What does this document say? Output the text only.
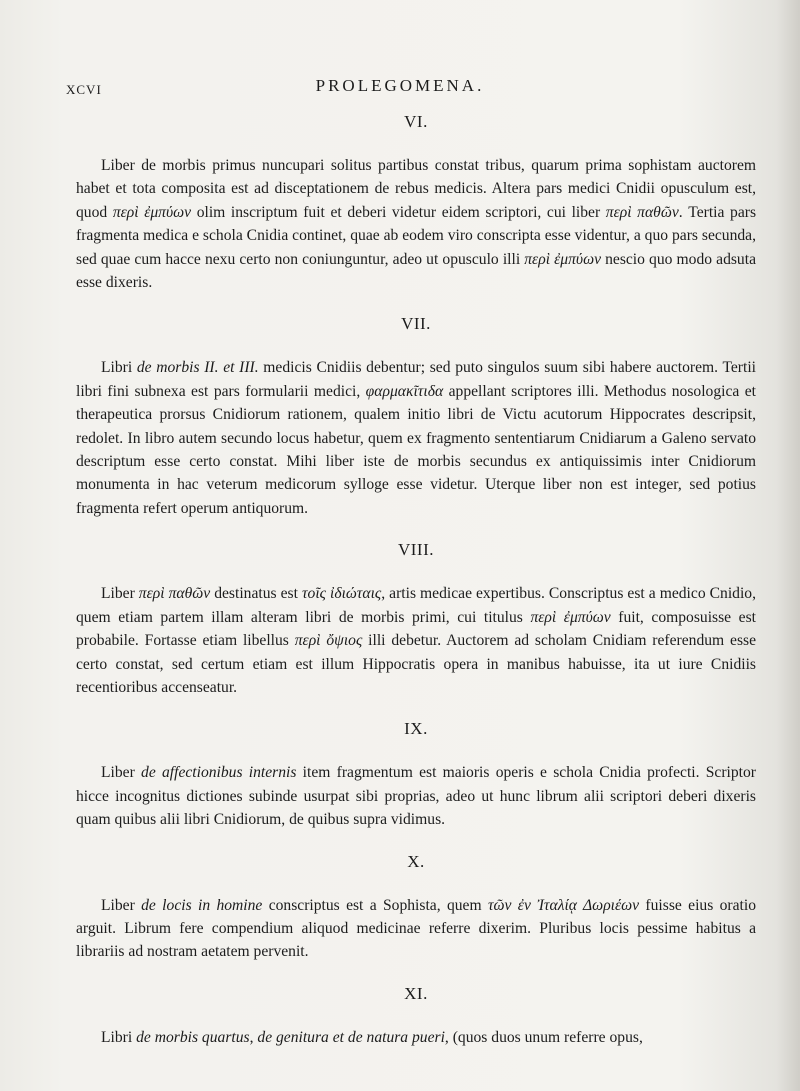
XCVI	PROLEGOMENA.
VI.

Liber de morbis primus nuncupari solitus partibus constat tribus, quarum prima sophistam auctorem habet et tota composita est ad disceptationem de rebus medicis. Altera pars medici Cnidii opusculum est, quod περὶ ἐμπύων olim inscriptum fuit et deberi videtur eidem scriptori, cui liber περὶ παθῶν. Tertia pars fragmenta medica e schola Cnidia continet, quae ab eodem viro conscripta esse videntur, a quo pars secunda, sed quae cum hacce nexu certo non coniunguntur, adeo ut opusculo illi περὶ ἐμπύων nescio quo modo adsuta esse dixeris.

VII.

Libri de morbis II. et III. medicis Cnidiis debentur; sed puto singulos suum sibi habere auctorem. Tertii libri fini subnexa est pars formularii medici, φαρμακῖτιδα appellant scriptores illi. Methodus nosologica et therapeutica prorsus Cnidiorum rationem, qualem initio libri de Victu acutorum Hippocrates descripsit, redolet. In libro autem secundo locus habetur, quem ex fragmento sententiarum Cnidiarum a Galeno servato descriptum esse certo constat. Mihi liber iste de morbis secundus ex antiquissimis inter Cnidiorum monumenta in hac veterum medicorum sylloge esse videtur. Uterque liber non est integer, sed potius fragmenta refert operum antiquorum.

VIII.

Liber περὶ παθῶν destinatus est τοῖς ἰδιώταις, artis medicae expertibus. Conscriptus est a medico Cnidio, quem etiam partem illam alteram libri de morbis primi, cui titulus περὶ ἐμπύων fuit, composuisse est probabile. Fortasse etiam libellus περὶ ὄψιος illi debetur. Auctorem ad scholam Cnidiam referendum esse certo constat, sed certum etiam est illum Hippocratis opera in manibus habuisse, ita ut iure Cnidiis recentioribus accenseatur.

IX.

Liber de affectionibus internis item fragmentum est maioris operis e schola Cnidia profecti. Scriptor hicce incognitus dictiones subinde usurpat sibi proprias, adeo ut hunc librum alii scriptori deberi dixeris quam quibus alii libri Cnidiorum, de quibus supra vidimus.

X.

Liber de locis in homine conscriptus est a Sophista, quem τῶν ἐν Ἰταλίᾳ Δωριέων fuisse eius oratio arguit. Librum fere compendium aliquod medicinae referre dixerim. Pluribus locis pessime habitus a librariis ad nostram aetatem pervenit.

XI.

Libri de morbis quartus, de genitura et de natura pueri, (quos duos unum referre opus,
